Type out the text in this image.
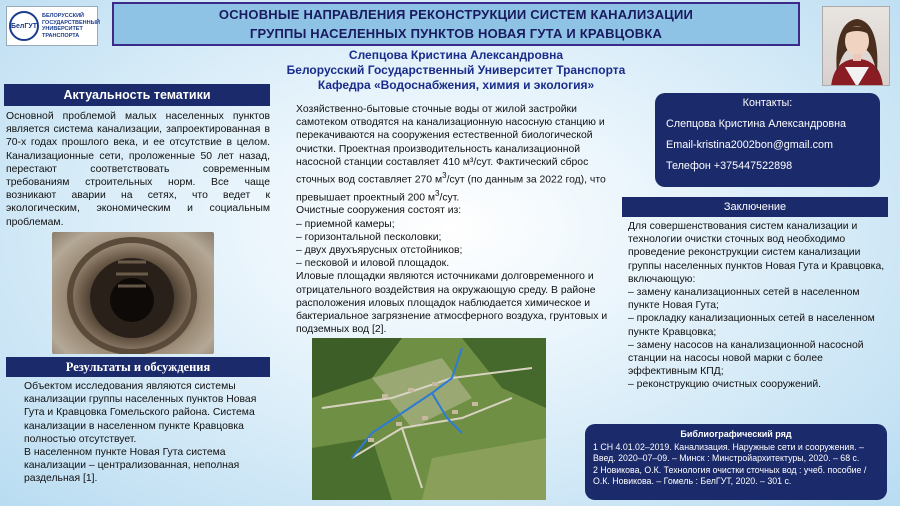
БелГУТ
БЕЛОРУССКИЙ
ГОСУДАРСТВЕННЫЙ
УНИВЕРСИТЕТ
ТРАНСПОРТА
ОСНОВНЫЕ НАПРАВЛЕНИЯ РЕКОНСТРУКЦИИ СИСТЕМ КАНАЛИЗАЦИИ
ГРУППЫ НАСЕЛЕННЫХ ПУНКТОВ НОВАЯ ГУТА И КРАВЦОВКА
Слепцова Кристина Александровна
Белорусский Государственный Университет Транспорта
Кафедра «Водоснабжения, химия и экология»
Актуальность тематики
Основной проблемой малых населенных пунктов является система канализации, запроектированная в 70-х годах прошлого века, и ее отсутствие в целом. Канализационные сети, проложенные 50 лет назад, перестают соответствовать современным требованиям строительных норм. Все чаще возникают аварии на сетях, что ведет к экологическим, экономическим и социальным проблемам.
Результаты и обсуждения
Объектом исследования являются системы канализации группы населенных пунктов Новая Гута и Кравцовка Гомельского района. Система канализации в населенном пункте Кравцовка полностью отсутствует.
В населенном пункте Новая Гута система канализации – централизованная, неполная раздельная [1].
Хозяйственно-бытовые сточные воды от жилой застройки самотеком отводятся на канализационную насосную станцию и перекачиваются на сооружения естественной биологической очистки. Проектная производительность канализационной насосной станции составляет 410 м³/сут. Фактический сброс сточных вод составляет 270 $м^3$/сут (по данным за 2022 год), что превышает проектный 200 $м^3$/сут.
Очистные сооружения состоят из:
– приемной камеры;
– горизонтальной песколовки;
– двух двухъярусных отстойников;
– песковой и иловой площадок.
Иловые площадки являются источниками долговременного и отрицательного воздействия на окружающую среду. В районе расположения иловых площадок наблюдается химическое и бактериальное загрязнение атмосферного воздуха, грунтовых и подземных вод [2].
Контакты:
Слепцова Кристина Александровна
Email-kristina2002bon@gmail.com
Телефон +375447522898
Заключение
Для совершенствования систем канализации и технологии очистки сточных вод необходимо проведение реконструкции систем канализации группы населенных пунктов Новая Гута и Кравцовка, включающую:
– замену канализационных сетей в населенном пункте Новая Гута;
– прокладку канализационных сетей в населенном пункте Кравцовка;
– замену насосов на канализационной насосной станции на насосы новой марки с более эффективным КПД;
– реконструкцию очистных сооружений.
Библиографический ряд
1 СН 4.01.02–2019. Канализация. Наружные сети и сооружения. – Введ. 2020–07–09. – Минск : Минстройархитектуры, 2020. – 68 с.
2 Новикова, О.К. Технология очистки сточных вод : учеб. пособие / О.К. Новикова. – Гомель : БелГУТ, 2020. – 301 с.
